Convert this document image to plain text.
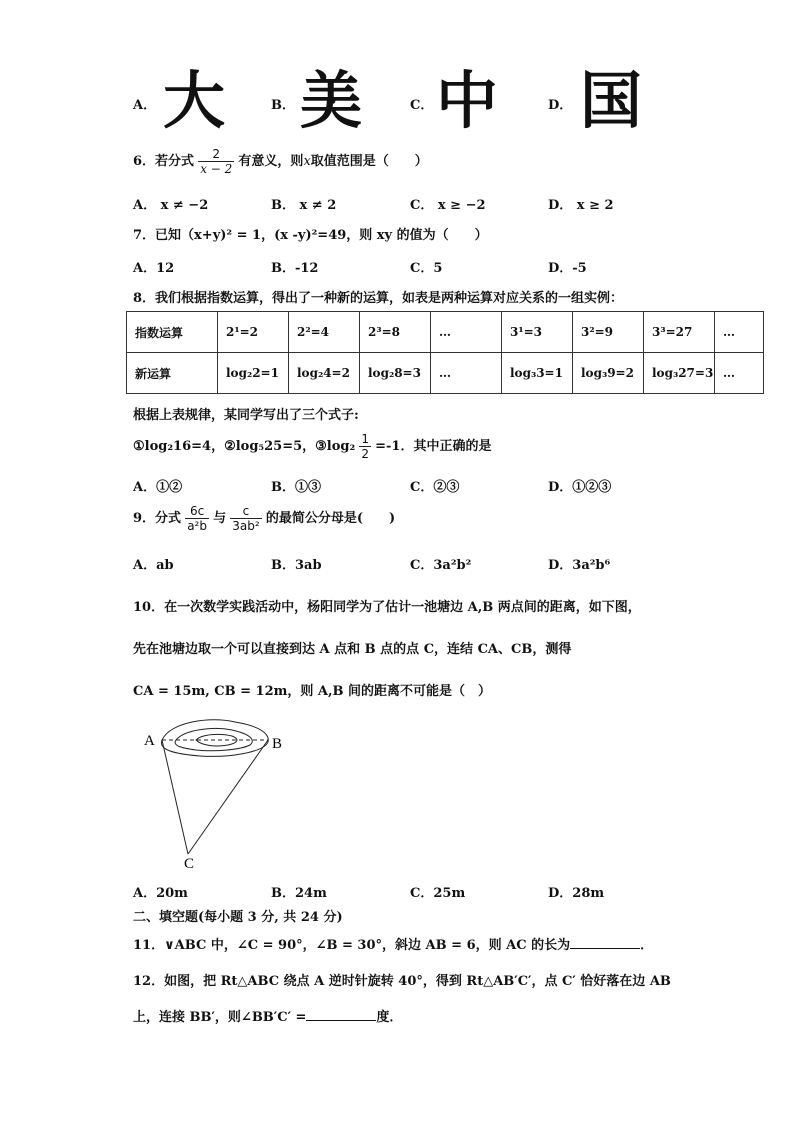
A． 大	B． 美	C． 中	D． 国
6．若分式 $\frac{2}{x - 2}$ 有意义，则x取值范围是（　　）
A． x ≠ −2	B． x ≠ 2	C． x ≥ −2	D． x ≥ 2
7．已知（x+y)² = 1，(x -y)²=49，则 xy 的值为（　　）
A．12	B．-12	C．5	D．-5
8．我们根据指数运算，得出了一种新的运算，如表是两种运算对应关系的一组实例：
指数运算	2¹=2	2²=4	2³=8	…	3¹=3	3²=9	3³=27	…
新运算	log₂2=1	log₂4=2	log₂8=3	…	log₃3=1	log₃9=2	log₃27=3	…
根据上表规律，某同学写出了三个式子:
①log₂16=4，②log₅25=5，③log₂ $\frac{1}{2} =-1$．其中正确的是
A．①②	B．①③	C．②③	D．①②③
9．分式 $\frac{6c}{\text{a²b}}$ 与 $\frac{c}{\text{3ab²}}$ 的最简公分母是(　　)
A．ab	B．3ab	C．3a²b²	D．3a²b⁶
10．在一次数学实践活动中，杨阳同学为了估计一池塘边 A,B 两点间的距离，如下图，
先在池塘边取一个可以直接到达 A 点和 B 点的点 C，连结 CA、CB，测得
CA = 15m, CB = 12m，则 A,B 间的距离不可能是（　）
A	B
C
A．20m	B．24m	C．25m	D．28m
二、填空题(每小题 3 分, 共 24 分)
11．∨ABC 中，∠C = 90°，∠B = 30°，斜边 AB = 6，则 AC 的长为	．
12．如图，把 Rt△ABC 绕点 A 逆时针旋转 40°，得到 Rt△AB′C′，点 C′ 恰好落在边 AB
上，连接 BB′，则∠BB′C′ =	度．
